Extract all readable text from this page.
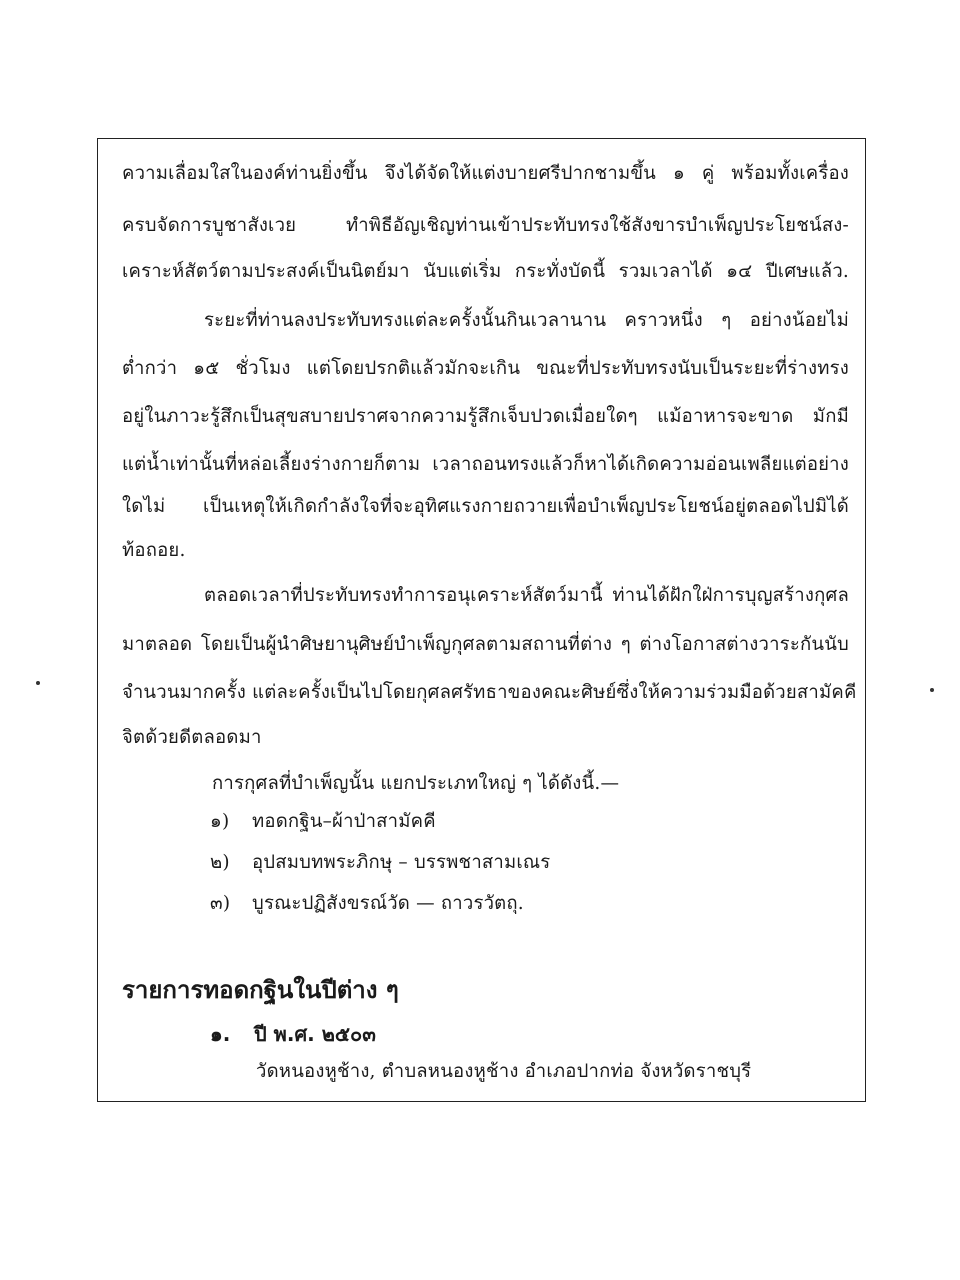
ความเลื่อมใสในองค์ท่านยิ่งขึ้น จึงได้จัดให้แต่งบายศรีปากชามขึ้น ๑ คู่ พร้อมทั้งเครื่อง
ครบจัดการบูชาสังเวย ทำพิธีอัญเชิญท่านเข้าประทับทรงใช้สังขารบำเพ็ญประโยชน์สง-
เคราะห์สัตว์ตามประสงค์เป็นนิตย์มา นับแต่เริ่ม กระทั่งบัดนี้ รวมเวลาได้ ๑๔ ปีเศษแล้ว.
ระยะที่ท่านลงประทับทรงแต่ละครั้งนั้นกินเวลานาน คราวหนึ่ง ๆ อย่างน้อยไม่
ต่ำกว่า ๑๕ ชั่วโมง แต่โดยปรกติแล้วมักจะเกิน ขณะที่ประทับทรงนับเป็นระยะที่ร่างทรง
อยู่ในภาวะรู้สึกเป็นสุขสบายปราศจากความรู้สึกเจ็บปวดเมื่อยใดๆ แม้อาหารจะขาด มักมี
แต่น้ำเท่านั้นที่หล่อเลี้ยงร่างกายก็ตาม เวลาถอนทรงแล้วก็หาได้เกิดความอ่อนเพลียแต่อย่าง
ใดไม่ เป็นเหตุให้เกิดกำลังใจที่จะอุทิศแรงกายถวายเพื่อบำเพ็ญประโยชน์อยู่ตลอดไปมิได้
ท้อถอย.
ตลอดเวลาที่ประทับทรงทำการอนุเคราะห์สัตว์มานี้ ท่านได้ฝักใฝ่การบุญสร้างกุศล
มาตลอด โดยเป็นผู้นำศิษยานุศิษย์บำเพ็ญกุศลตามสถานที่ต่าง ๆ ต่างโอกาสต่างวาระกันนับ
จำนวนมากครั้ง แต่ละครั้งเป็นไปโดยกุศลศรัทธาของคณะศิษย์ซึ่งให้ความร่วมมือด้วยสามัคคี
จิตด้วยดีตลอดมา
การกุศลที่บำเพ็ญนั้น แยกประเภทใหญ่ ๆ ได้ดังนี้.—
๑) ทอดกฐิน–ผ้าป่าสามัคคี
๒) อุปสมบทพระภิกษุ – บรรพชาสามเณร
๓) บูรณะปฏิสังขรณ์วัด — ถาวรวัตถุ.
รายการทอดกฐินในปีต่าง ๆ
๑. ปี พ.ศ. ๒๕๐๓
วัดหนองหูช้าง, ตำบลหนองหูช้าง อำเภอปากท่อ จังหวัดราชบุรี
